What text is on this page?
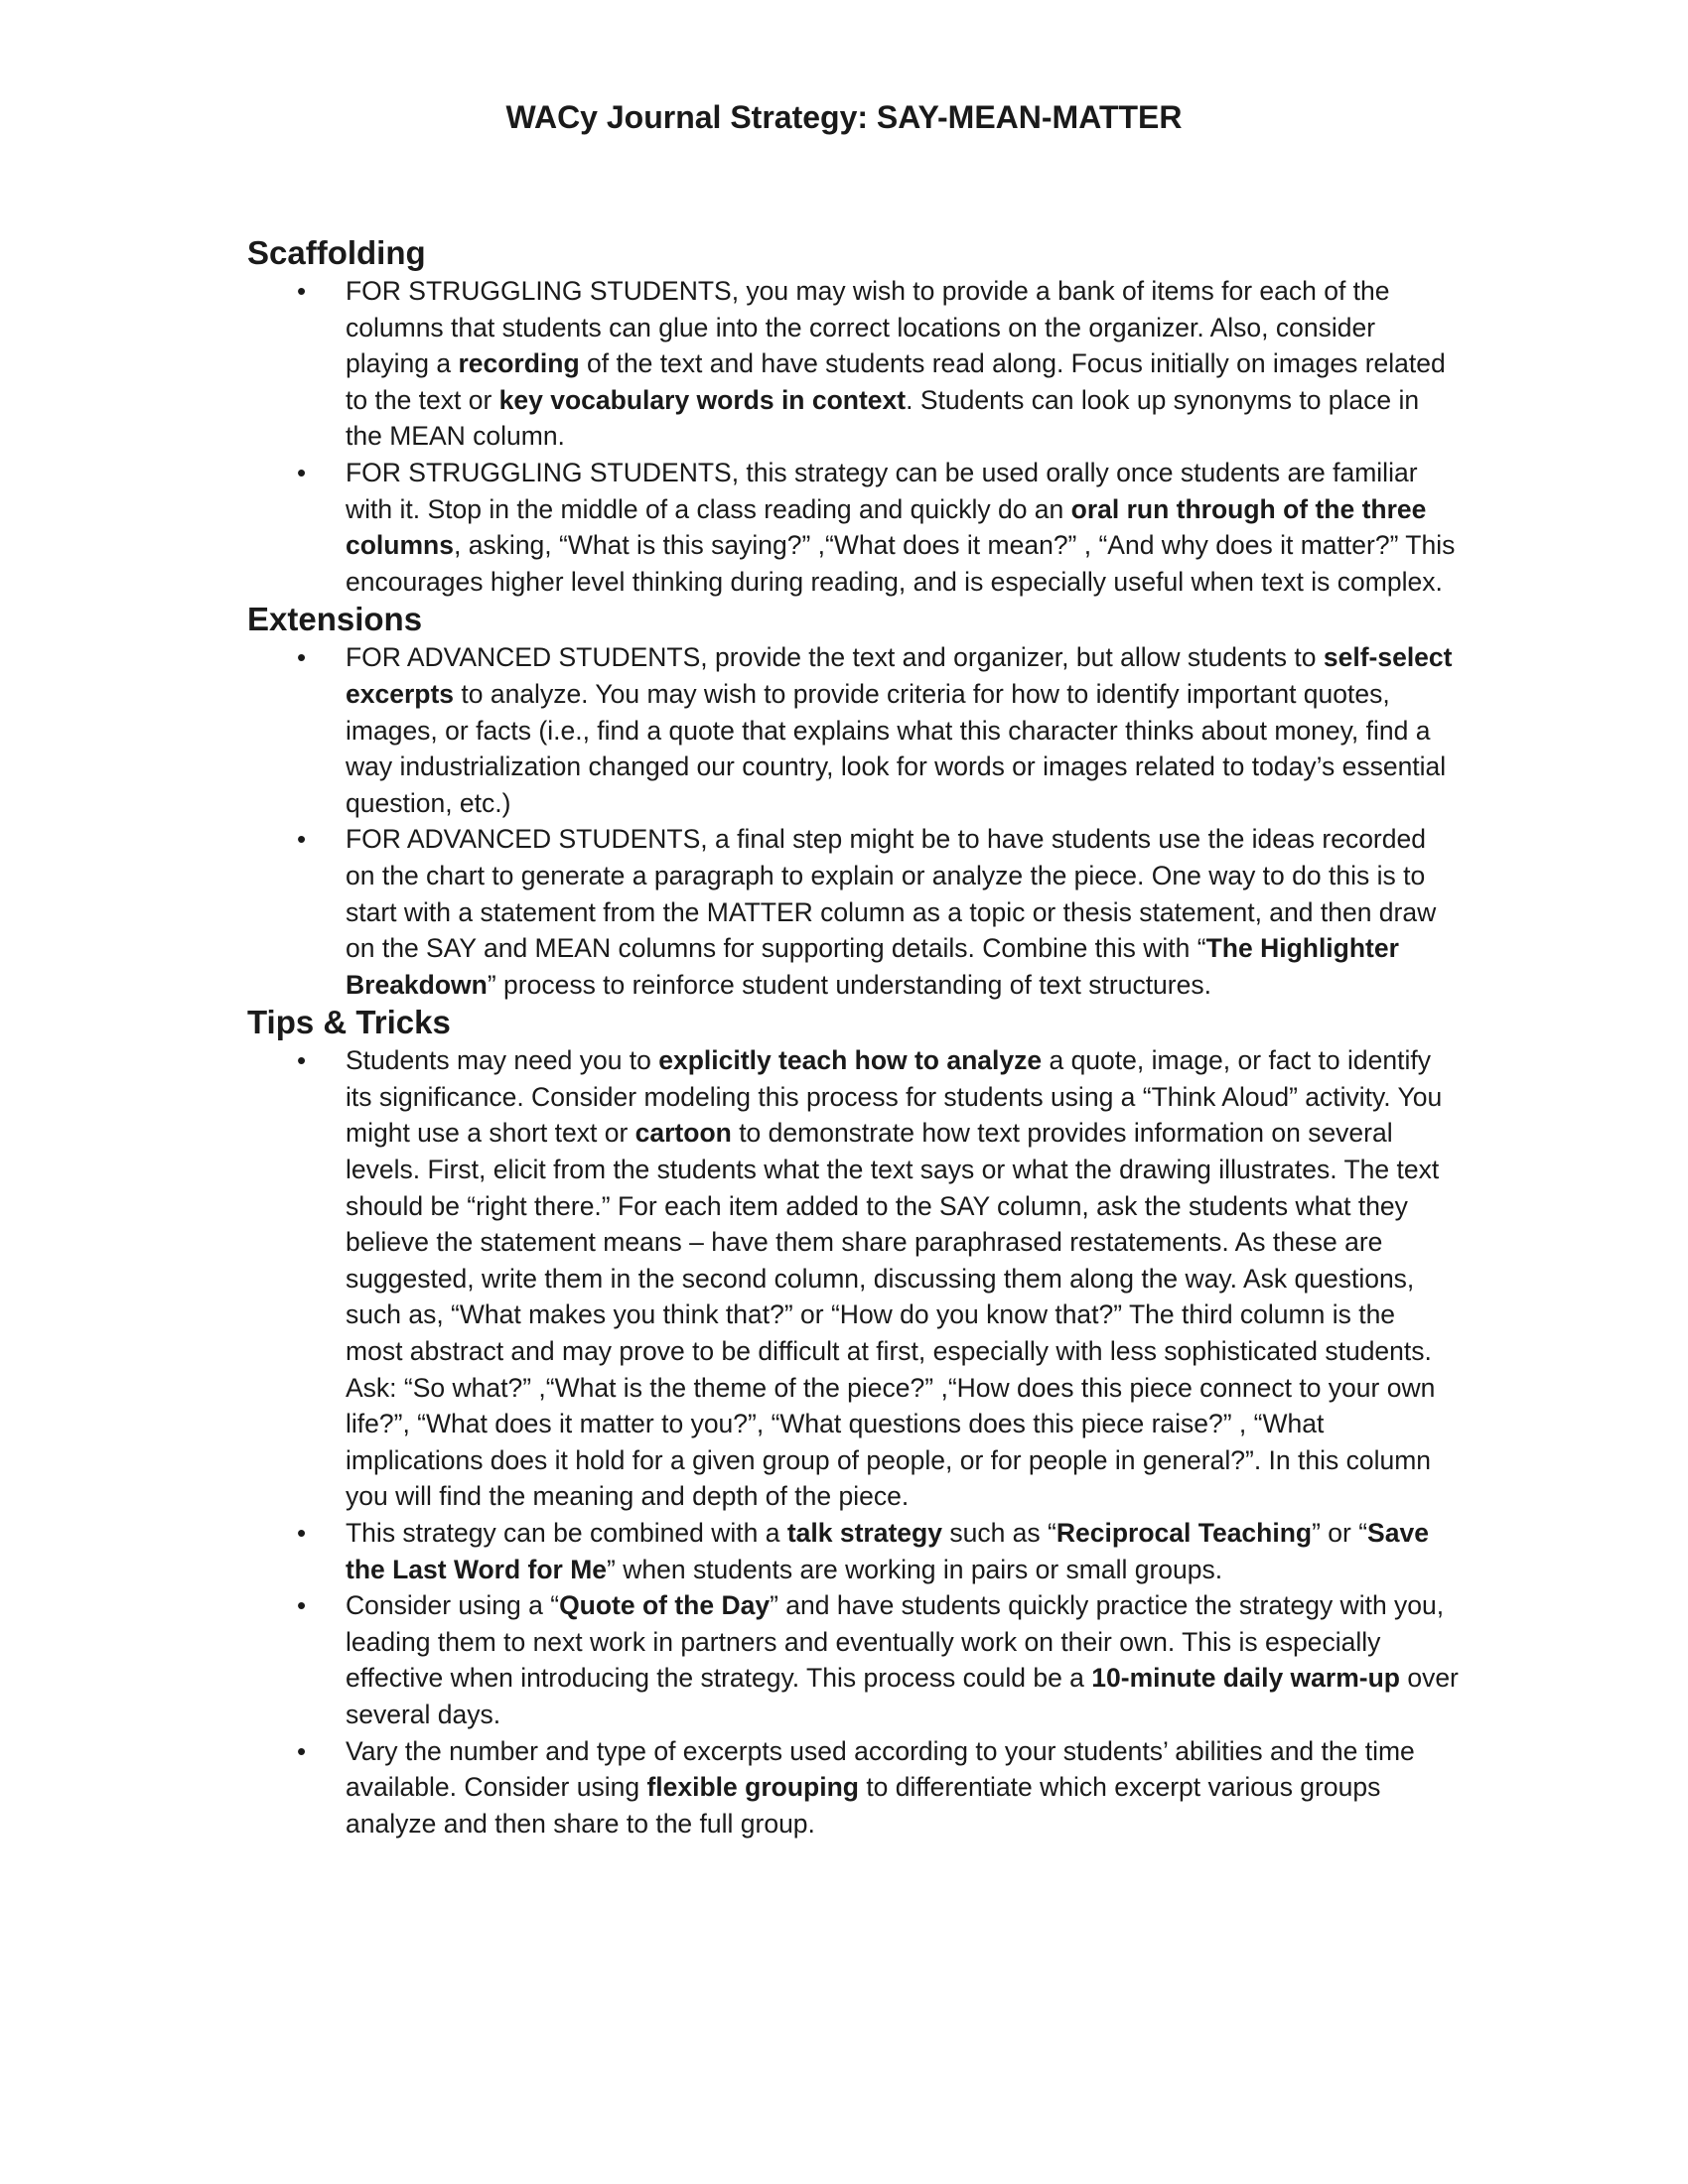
WACy Journal Strategy: SAY-MEAN-MATTER
Scaffolding
• FOR STRUGGLING STUDENTS, you may wish to provide a bank of items for each of the columns that students can glue into the correct locations on the organizer. Also, consider playing a recording of the text and have students read along. Focus initially on images related to the text or key vocabulary words in context. Students can look up synonyms to place in the MEAN column.
• FOR STRUGGLING STUDENTS, this strategy can be used orally once students are familiar with it. Stop in the middle of a class reading and quickly do an oral run through of the three columns, asking, “What is this saying?” ,“What does it mean?” , “And why does it matter?” This encourages higher level thinking during reading, and is especially useful when text is complex.
Extensions
• FOR ADVANCED STUDENTS, provide the text and organizer, but allow students to self-select excerpts to analyze. You may wish to provide criteria for how to identify important quotes, images, or facts (i.e., find a quote that explains what this character thinks about money, find a way industrialization changed our country, look for words or images related to today’s essential question, etc.)
• FOR ADVANCED STUDENTS, a final step might be to have students use the ideas recorded on the chart to generate a paragraph to explain or analyze the piece. One way to do this is to start with a statement from the MATTER column as a topic or thesis statement, and then draw on the SAY and MEAN columns for supporting details. Combine this with “The Highlighter Breakdown” process to reinforce student understanding of text structures.
Tips & Tricks
• Students may need you to explicitly teach how to analyze a quote, image, or fact to identify its significance. Consider modeling this process for students using a “Think Aloud” activity. You might use a short text or cartoon to demonstrate how text provides information on several levels. First, elicit from the students what the text says or what the drawing illustrates. The text should be “right there.” For each item added to the SAY column, ask the students what they believe the statement means – have them share paraphrased restatements. As these are suggested, write them in the second column, discussing them along the way. Ask questions, such as, “What makes you think that?” or “How do you know that?” The third column is the most abstract and may prove to be difficult at first, especially with less sophisticated students. Ask: “So what?” ,“What is the theme of the piece?” ,“How does this piece connect to your own life?”, “What does it matter to you?”, “What questions does this piece raise?” , “What implications does it hold for a given group of people, or for people in general?”. In this column you will find the meaning and depth of the piece.
• This strategy can be combined with a talk strategy such as “Reciprocal Teaching” or “Save the Last Word for Me” when students are working in pairs or small groups.
• Consider using a “Quote of the Day” and have students quickly practice the strategy with you, leading them to next work in partners and eventually work on their own. This is especially effective when introducing the strategy. This process could be a 10-minute daily warm-up over several days.
• Vary the number and type of excerpts used according to your students’ abilities and the time available. Consider using flexible grouping to differentiate which excerpt various groups analyze and then share to the full group.
